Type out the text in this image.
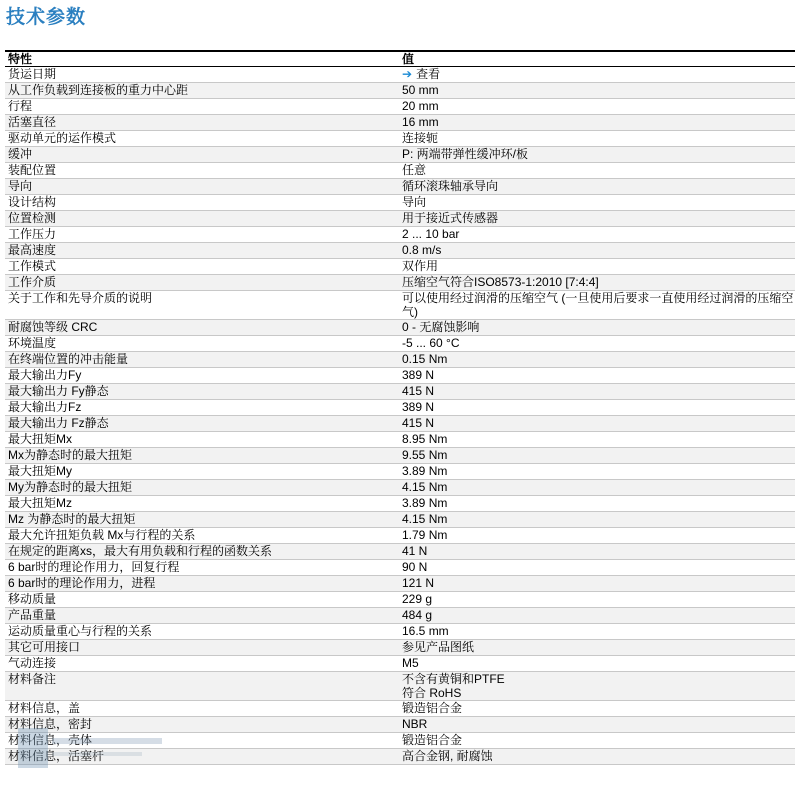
技术参数
特性	值
货运日期	➔ 查看
从工作负载到连接板的重力中心距	50 mm
行程	20 mm
活塞直径	16 mm
驱动单元的运作模式	连接轭
缓冲	P: 两端带弹性缓冲环/板
装配位置	任意
导向	循环滚珠轴承导向
设计结构	导向
位置检测	用于接近式传感器
工作压力	2 ... 10 bar
最高速度	0.8 m/s
工作模式	双作用
工作介质	压缩空气符合ISO8573-1:2010 [7:4:4]
关于工作和先导介质的说明	可以使用经过润滑的压缩空气 (一旦使用后要求一直使用经过润滑的压缩空气)
耐腐蚀等级 CRC	0 - 无腐蚀影响
环境温度	-5 ... 60 °C
在终端位置的冲击能量	0.15 Nm
最大输出力Fy	389 N
最大输出力 Fy静态	415 N
最大输出力Fz	389 N
最大输出力 Fz静态	415 N
最大扭矩Mx	8.95 Nm
Mx为静态时的最大扭矩	9.55 Nm
最大扭矩My	3.89 Nm
My为静态时的最大扭矩	4.15 Nm
最大扭矩Mz	3.89 Nm
Mz 为静态时的最大扭矩	4.15 Nm
最大允许扭矩负载 Mx与行程的关系	1.79 Nm
在规定的距离xs，最大有用负载和行程的函数关系	41 N
6 bar时的理论作用力，回复行程	90 N
6 bar时的理论作用力，进程	121 N
移动质量	229 g
产品重量	484 g
运动质量重心与行程的关系	16.5 mm
其它可用接口	参见产品图纸
气动连接	M5
材料备注	不含有黄铜和PTFE
符合 RoHS

材料信息，盖	锻造铝合金
材料信息，密封	NBR
材料信息，壳体	锻造铝合金
材料信息，活塞杆	高合金钢, 耐腐蚀
